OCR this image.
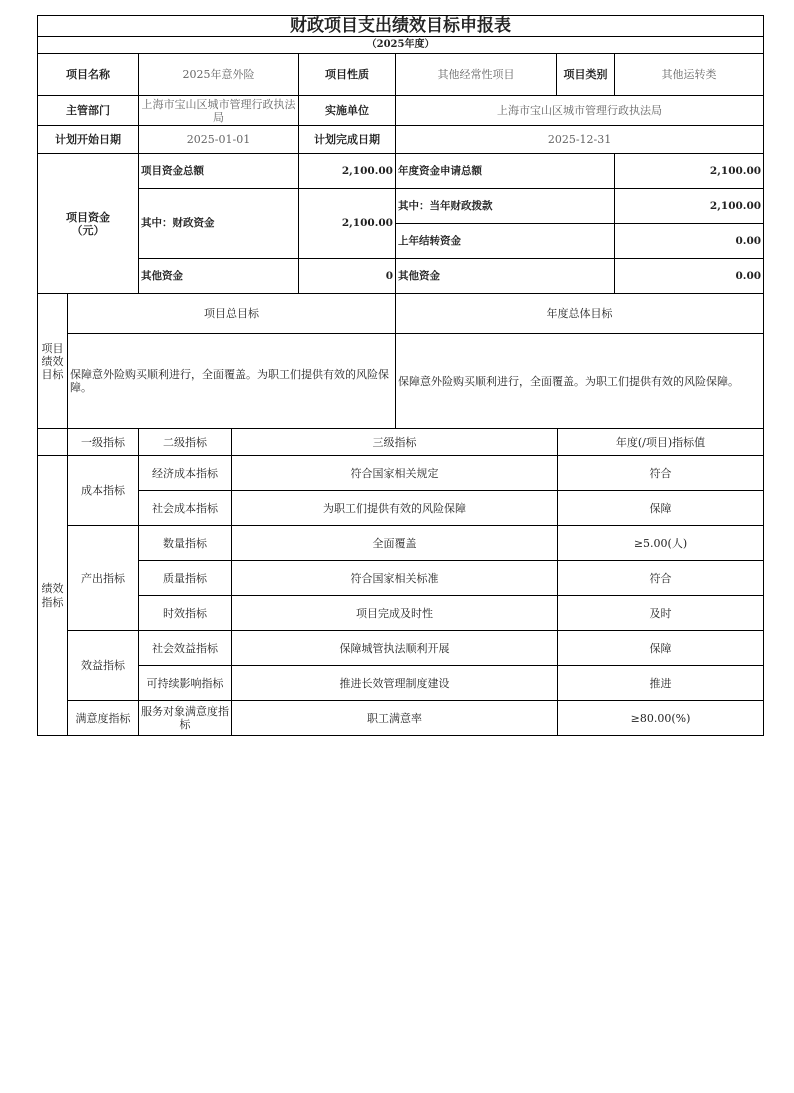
财政项目支出绩效目标申报表						
（2025年度）						
项目名称		2025年意外险	项目性质	其他经常性项目	项目类别	其他运转类
主管部门		上海市宝山区城市管理行政执法局	实施单位	上海市宝山区城市管理行政执法局		
计划开始日期		2025-01-01	计划完成日期	2025-12-31		
项目资金
（元）		项目资金总额	2,100.00	年度资金申请总额		2,100.00
		其中：财政资金	2,100.00	其中：当年财政拨款		2,100.00
				上年结转资金		0.00
		其他资金	0	其他资金		0.00
项目绩效目标	项目总目标			年度总体目标		
	保障意外险购买顺利进行，全面覆盖。为职工们提供有效的风险保障。			保障意外险购买顺利进行，全面覆盖。为职工们提供有效的风险保障。		
	一级指标	二级指标	三级指标	年度(/项目)指标值
绩效指标	成本指标	经济成本指标	符合国家相关规定	符合
		社会成本指标	为职工们提供有效的风险保障	保障
	产出指标	数量指标	全面覆盖	≥5.00(人)
		质量指标	符合国家相关标准	符合
		时效指标	项目完成及时性	及时
	效益指标	社会效益指标	保障城管执法顺利开展	保障
		可持续影响指标	推进长效管理制度建设	推进
	满意度指标	服务对象满意度指标	职工满意率	≥80.00(%)
